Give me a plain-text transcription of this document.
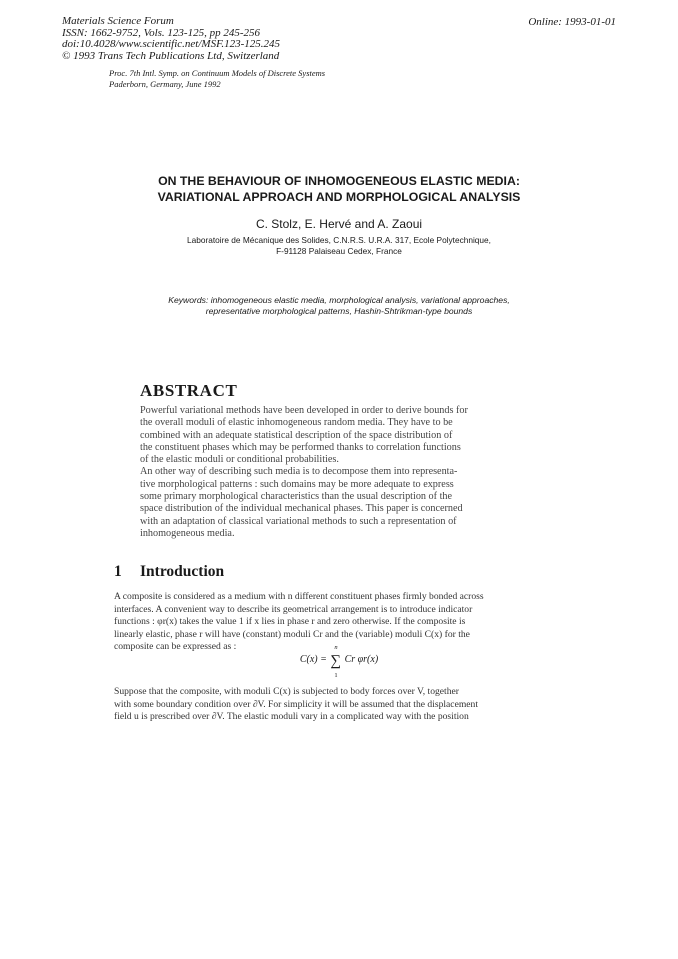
Materials Science Forum
ISSN: 1662-9752, Vols. 123-125, pp 245-256
doi:10.4028/www.scientific.net/MSF.123-125.245
© 1993 Trans Tech Publications Ltd, Switzerland
Online: 1993-01-01
Proc. 7th Intl. Symp. on Continuum Models of Discrete Systems
Paderborn, Germany, June 1992
ON THE BEHAVIOUR OF INHOMOGENEOUS ELASTIC MEDIA:
VARIATIONAL APPROACH AND MORPHOLOGICAL ANALYSIS
C. Stolz, E. Hervé and A. Zaoui
Laboratoire de Mécanique des Solides, C.N.R.S. U.R.A. 317, Ecole Polytechnique,
F-91128 Palaiseau Cedex, France
Keywords: inhomogeneous elastic media, morphological analysis, variational approaches,
representative morphological patterns, Hashin-Shtrikman-type bounds
ABSTRACT
Powerful variational methods have been developed in order to derive bounds for
the overall moduli of elastic inhomogeneous random media. They have to be
combined with an adequate statistical description of the space distribution of
the constituent phases which may be performed thanks to correlation functions
of the elastic moduli or conditional probabilities.
An other way of describing such media is to decompose them into representa-
tive morphological patterns : such domains may be more adequate to express
some primary morphological characteristics than the usual description of the
space distribution of the individual mechanical phases. This paper is concerned
with an adaptation of classical variational methods to such a representation of
inhomogeneous media.
1 Introduction
A composite is considered as a medium with n different constituent phases firmly bonded across
interfaces. A convenient way to describe its geometrical arrangement is to introduce indicator
functions : φr(x) takes the value 1 if x lies in phase r and zero otherwise. If the composite is
linearly elastic, phase r will have (constant) moduli Cr and the (variable) moduli C(x) for the
composite can be expressed as :
C(x) = ∑
n
1
Cr φr(x)
Suppose that the composite, with moduli C(x) is subjected to body forces over V, together
with some boundary condition over ∂V. For simplicity it will be assumed that the displacement
field u is prescribed over ∂V. The elastic moduli vary in a complicated way with the position
